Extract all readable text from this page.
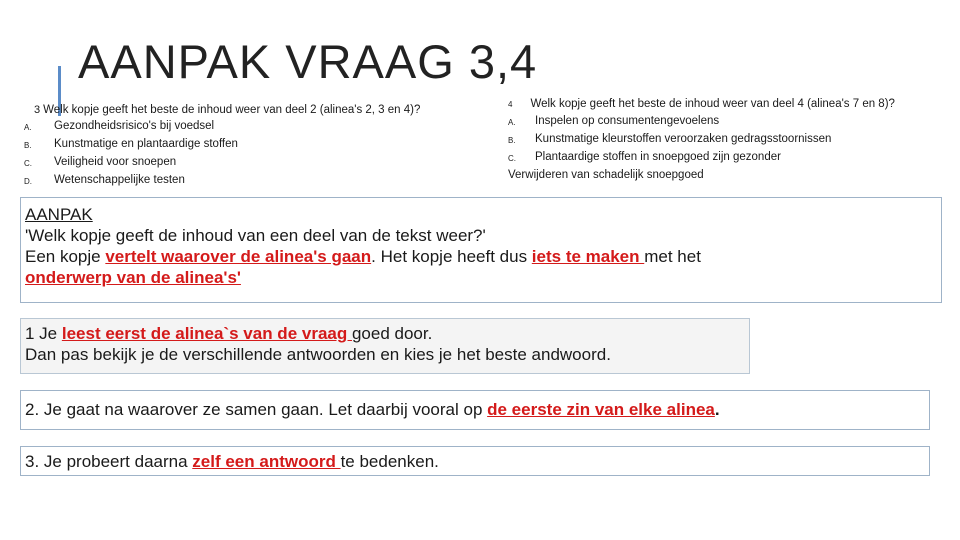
AANPAK VRAAG 3,4
3 Welk kopje geeft het beste de inhoud weer van deel 2 (alinea's 2, 3 en 4)?
A.	Gezondheidsrisico's bij voedsel
B.	Kunstmatige en plantaardige stoffen
C.	Veiligheid voor snoepen
D.	Wetenschappelijke testen
4 Welk kopje geeft het beste de inhoud weer van deel 4 (alinea's 7 en 8)?
A.	Inspelen op consumentengevoelens
B.	Kunstmatige kleurstoffen veroorzaken gedragsstoornissen
C.	Plantaardige stoffen in snoepgoed zijn gezonder
Verwijderen van schadelijk snoepgoed
AANPAK
'Welk kopje geeft de inhoud van een deel van de tekst weer?'
Een kopje vertelt waarover de alinea's gaan. Het kopje heeft dus iets te maken met het
onderwerp van de alinea's'
1 Je leest eerst de alinea`s van de vraag goed door.
Dan pas bekijk je de verschillende antwoorden en kies je het beste andwoord.
2. Je gaat na waarover ze samen gaan. Let daarbij vooral op de eerste zin van elke alinea.
3. Je probeert daarna zelf een antwoord te bedenken.
